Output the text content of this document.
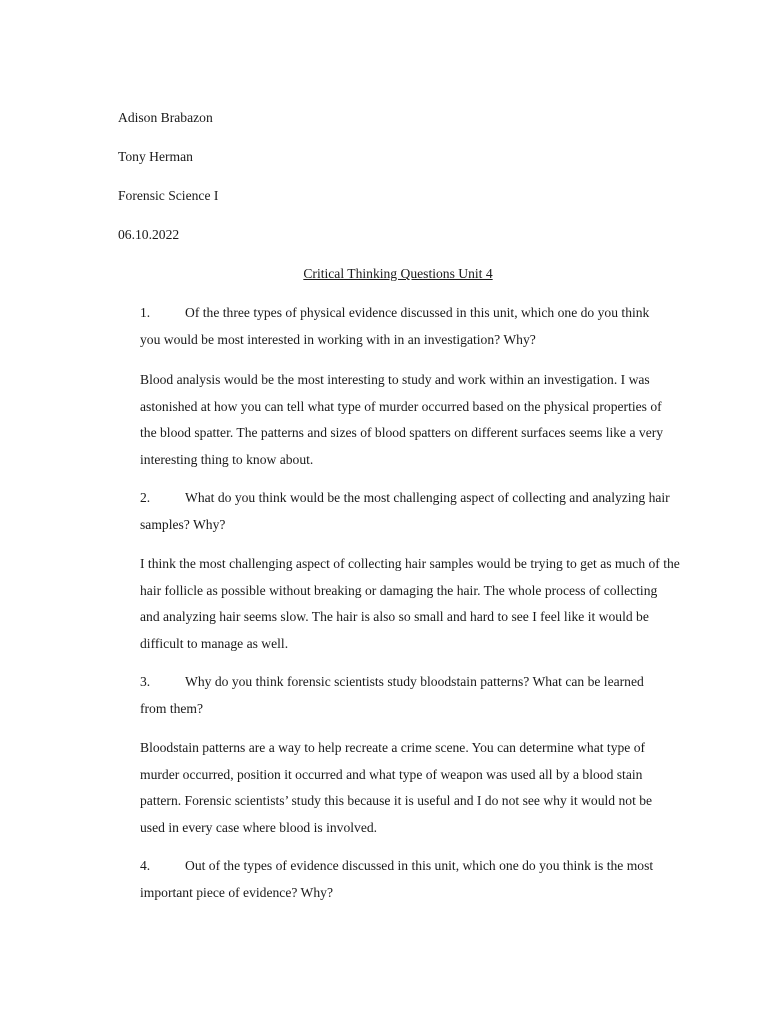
Adison Brabazon

Tony Herman

Forensic Science I

06.10.2022

Critical Thinking Questions Unit 4

1.	Of the three types of physical evidence discussed in this unit, which one do you think you would be most interested in working with in an investigation? Why?

Blood analysis would be the most interesting to study and work within an investigation. I was astonished at how you can tell what type of murder occurred based on the physical properties of the blood spatter. The patterns and sizes of blood spatters on different surfaces seems like a very interesting thing to know about.

2.	What do you think would be the most challenging aspect of collecting and analyzing hair samples? Why?

I think the most challenging aspect of collecting hair samples would be trying to get as much of the hair follicle as possible without breaking or damaging the hair. The whole process of collecting and analyzing hair seems slow. The hair is also so small and hard to see I feel like it would be difficult to manage as well.

3.	Why do you think forensic scientists study bloodstain patterns? What can be learned from them?

Bloodstain patterns are a way to help recreate a crime scene. You can determine what type of murder occurred, position it occurred and what type of weapon was used all by a blood stain pattern. Forensic scientists’ study this because it is useful and I do not see why it would not be used in every case where blood is involved.

4.	Out of the types of evidence discussed in this unit, which one do you think is the most important piece of evidence? Why?
